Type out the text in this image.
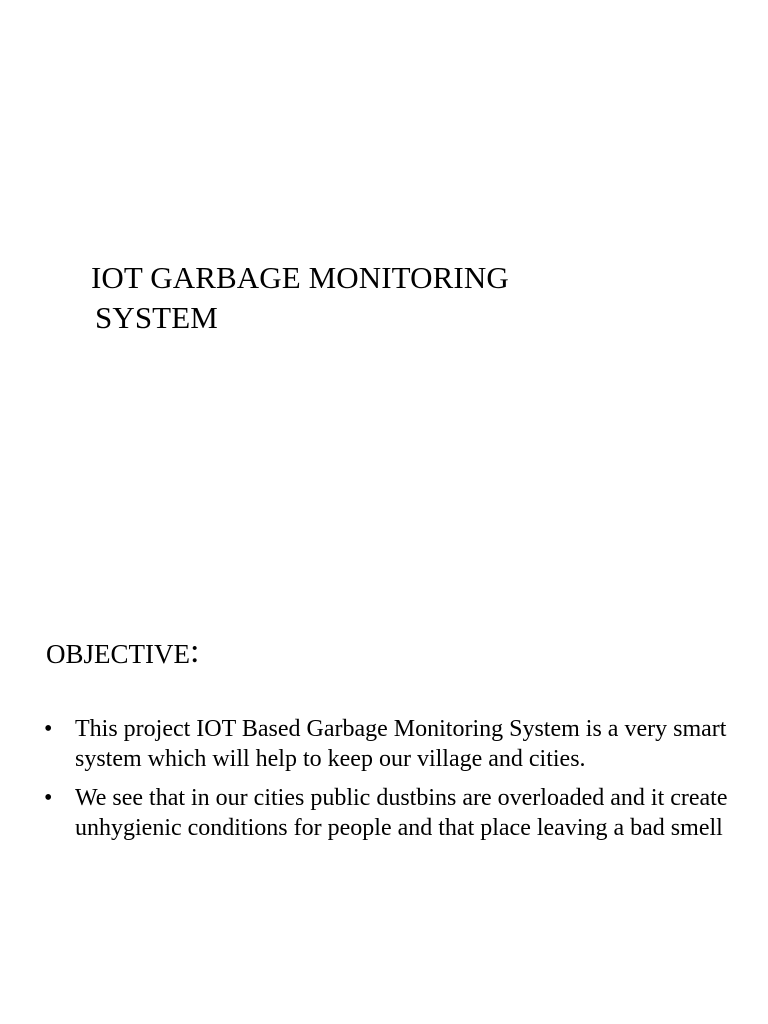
IOT GARBAGE MONITORING
SYSTEM
OBJECTIVE:
• This project IOT Based Garbage Monitoring System is a very smart system which will help to keep our village and cities.
• We see that in our cities public dustbins are overloaded and it create unhygienic conditions for people and that place leaving a bad smell
